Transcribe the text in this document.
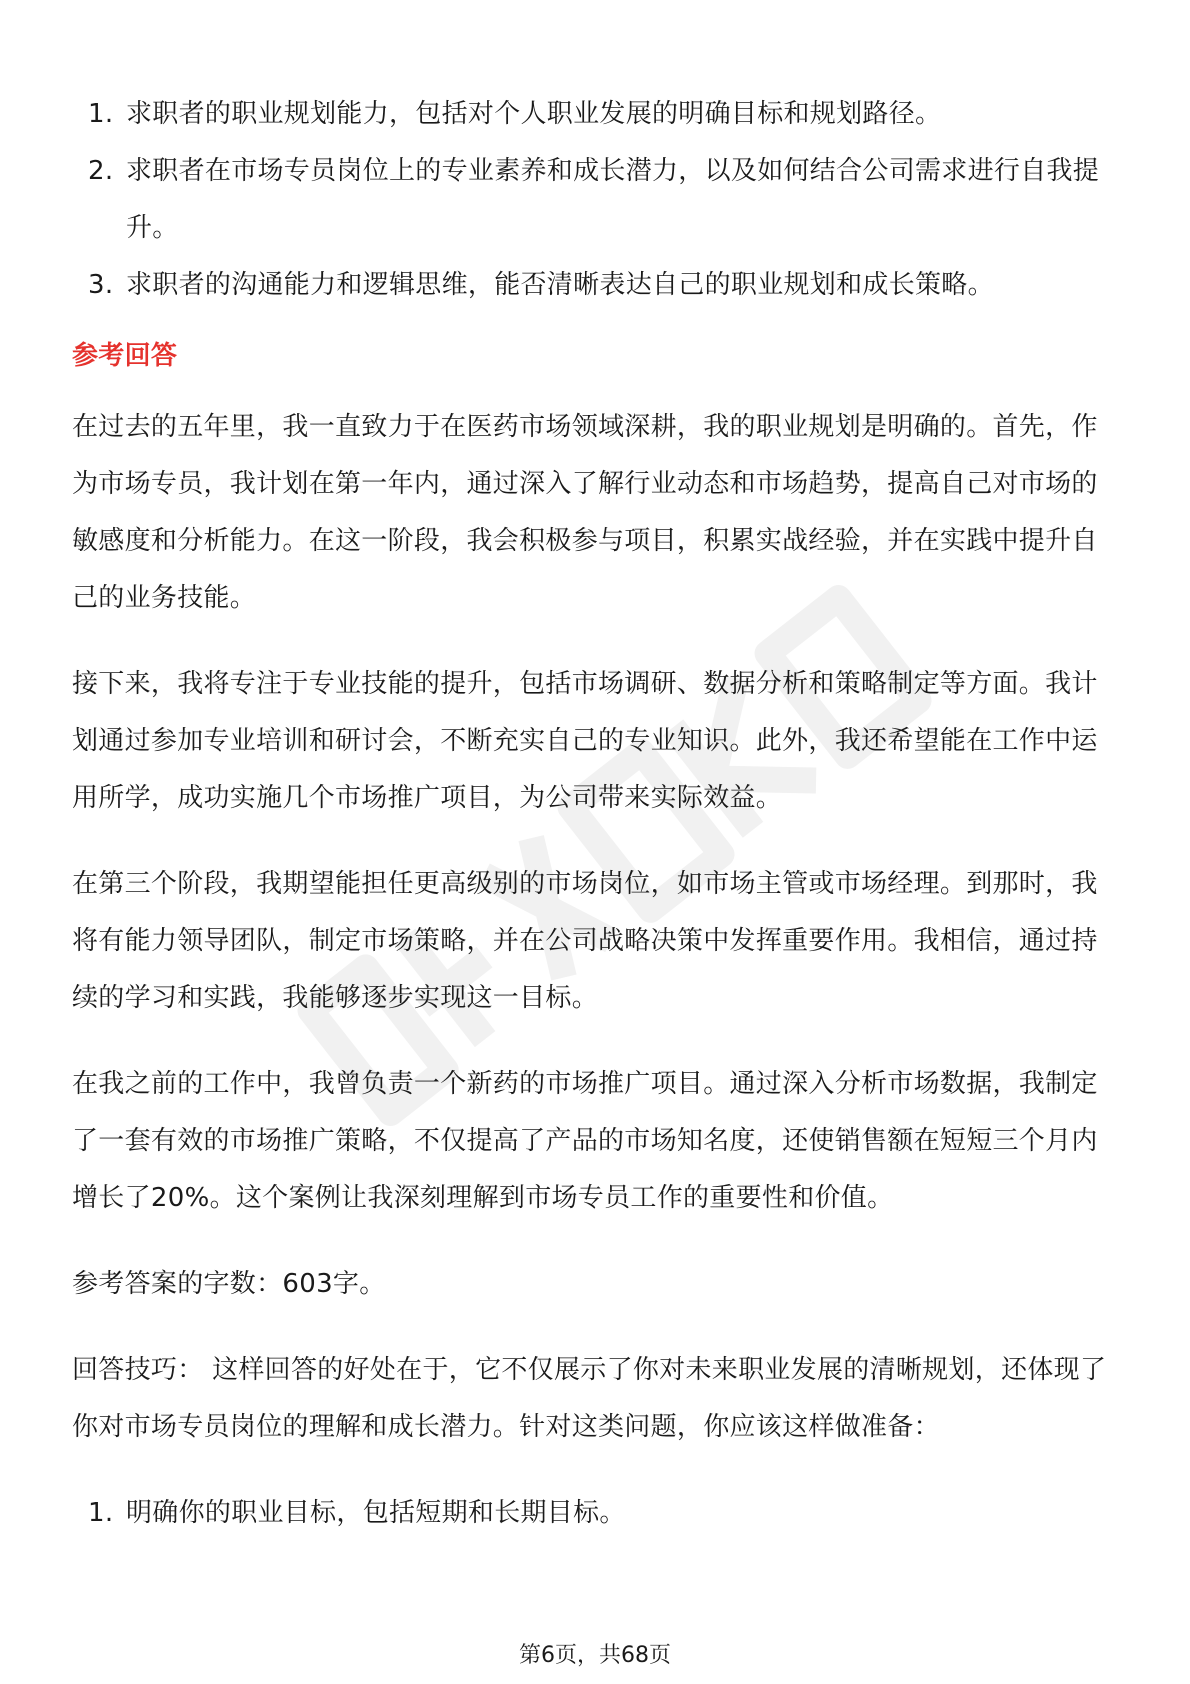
1. 求职者的职业规划能力，包括对个人职业发展的明确目标和规划路径。
2. 求职者在市场专员岗位上的专业素养和成长潜力，以及如何结合公司需求进行自我提升。
3. 求职者的沟通能力和逻辑思维，能否清晰表达自己的职业规划和成长策略。
参考回答

在过去的五年里，我一直致力于在医药市场领域深耕，我的职业规划是明确的。首先，作为市场专员，我计划在第一年内，通过深入了解行业动态和市场趋势，提高自己对市场的敏感度和分析能力。在这一阶段，我会积极参与项目，积累实战经验，并在实践中提升自己的业务技能。

接下来，我将专注于专业技能的提升，包括市场调研、数据分析和策略制定等方面。我计划通过参加专业培训和研讨会，不断充实自己的专业知识。此外，我还希望能在工作中运用所学，成功实施几个市场推广项目，为公司带来实际效益。

在第三个阶段，我期望能担任更高级别的市场岗位，如市场主管或市场经理。到那时，我将有能力领导团队，制定市场策略，并在公司战略决策中发挥重要作用。我相信，通过持续的学习和实践，我能够逐步实现这一目标。

在我之前的工作中，我曾负责一个新药的市场推广项目。通过深入分析市场数据，我制定了一套有效的市场推广策略，不仅提高了产品的市场知名度，还使销售额在短短三个月内增长了20%。这个案例让我深刻理解到市场专员工作的重要性和价值。

参考答案的字数：603字。

回答技巧： 这样回答的好处在于，它不仅展示了你对未来职业发展的清晰规划，还体现了你对市场专员岗位的理解和成长潜力。针对这类问题，你应该这样做准备：

1. 明确你的职业目标，包括短期和长期目标。
第6页，共68页
